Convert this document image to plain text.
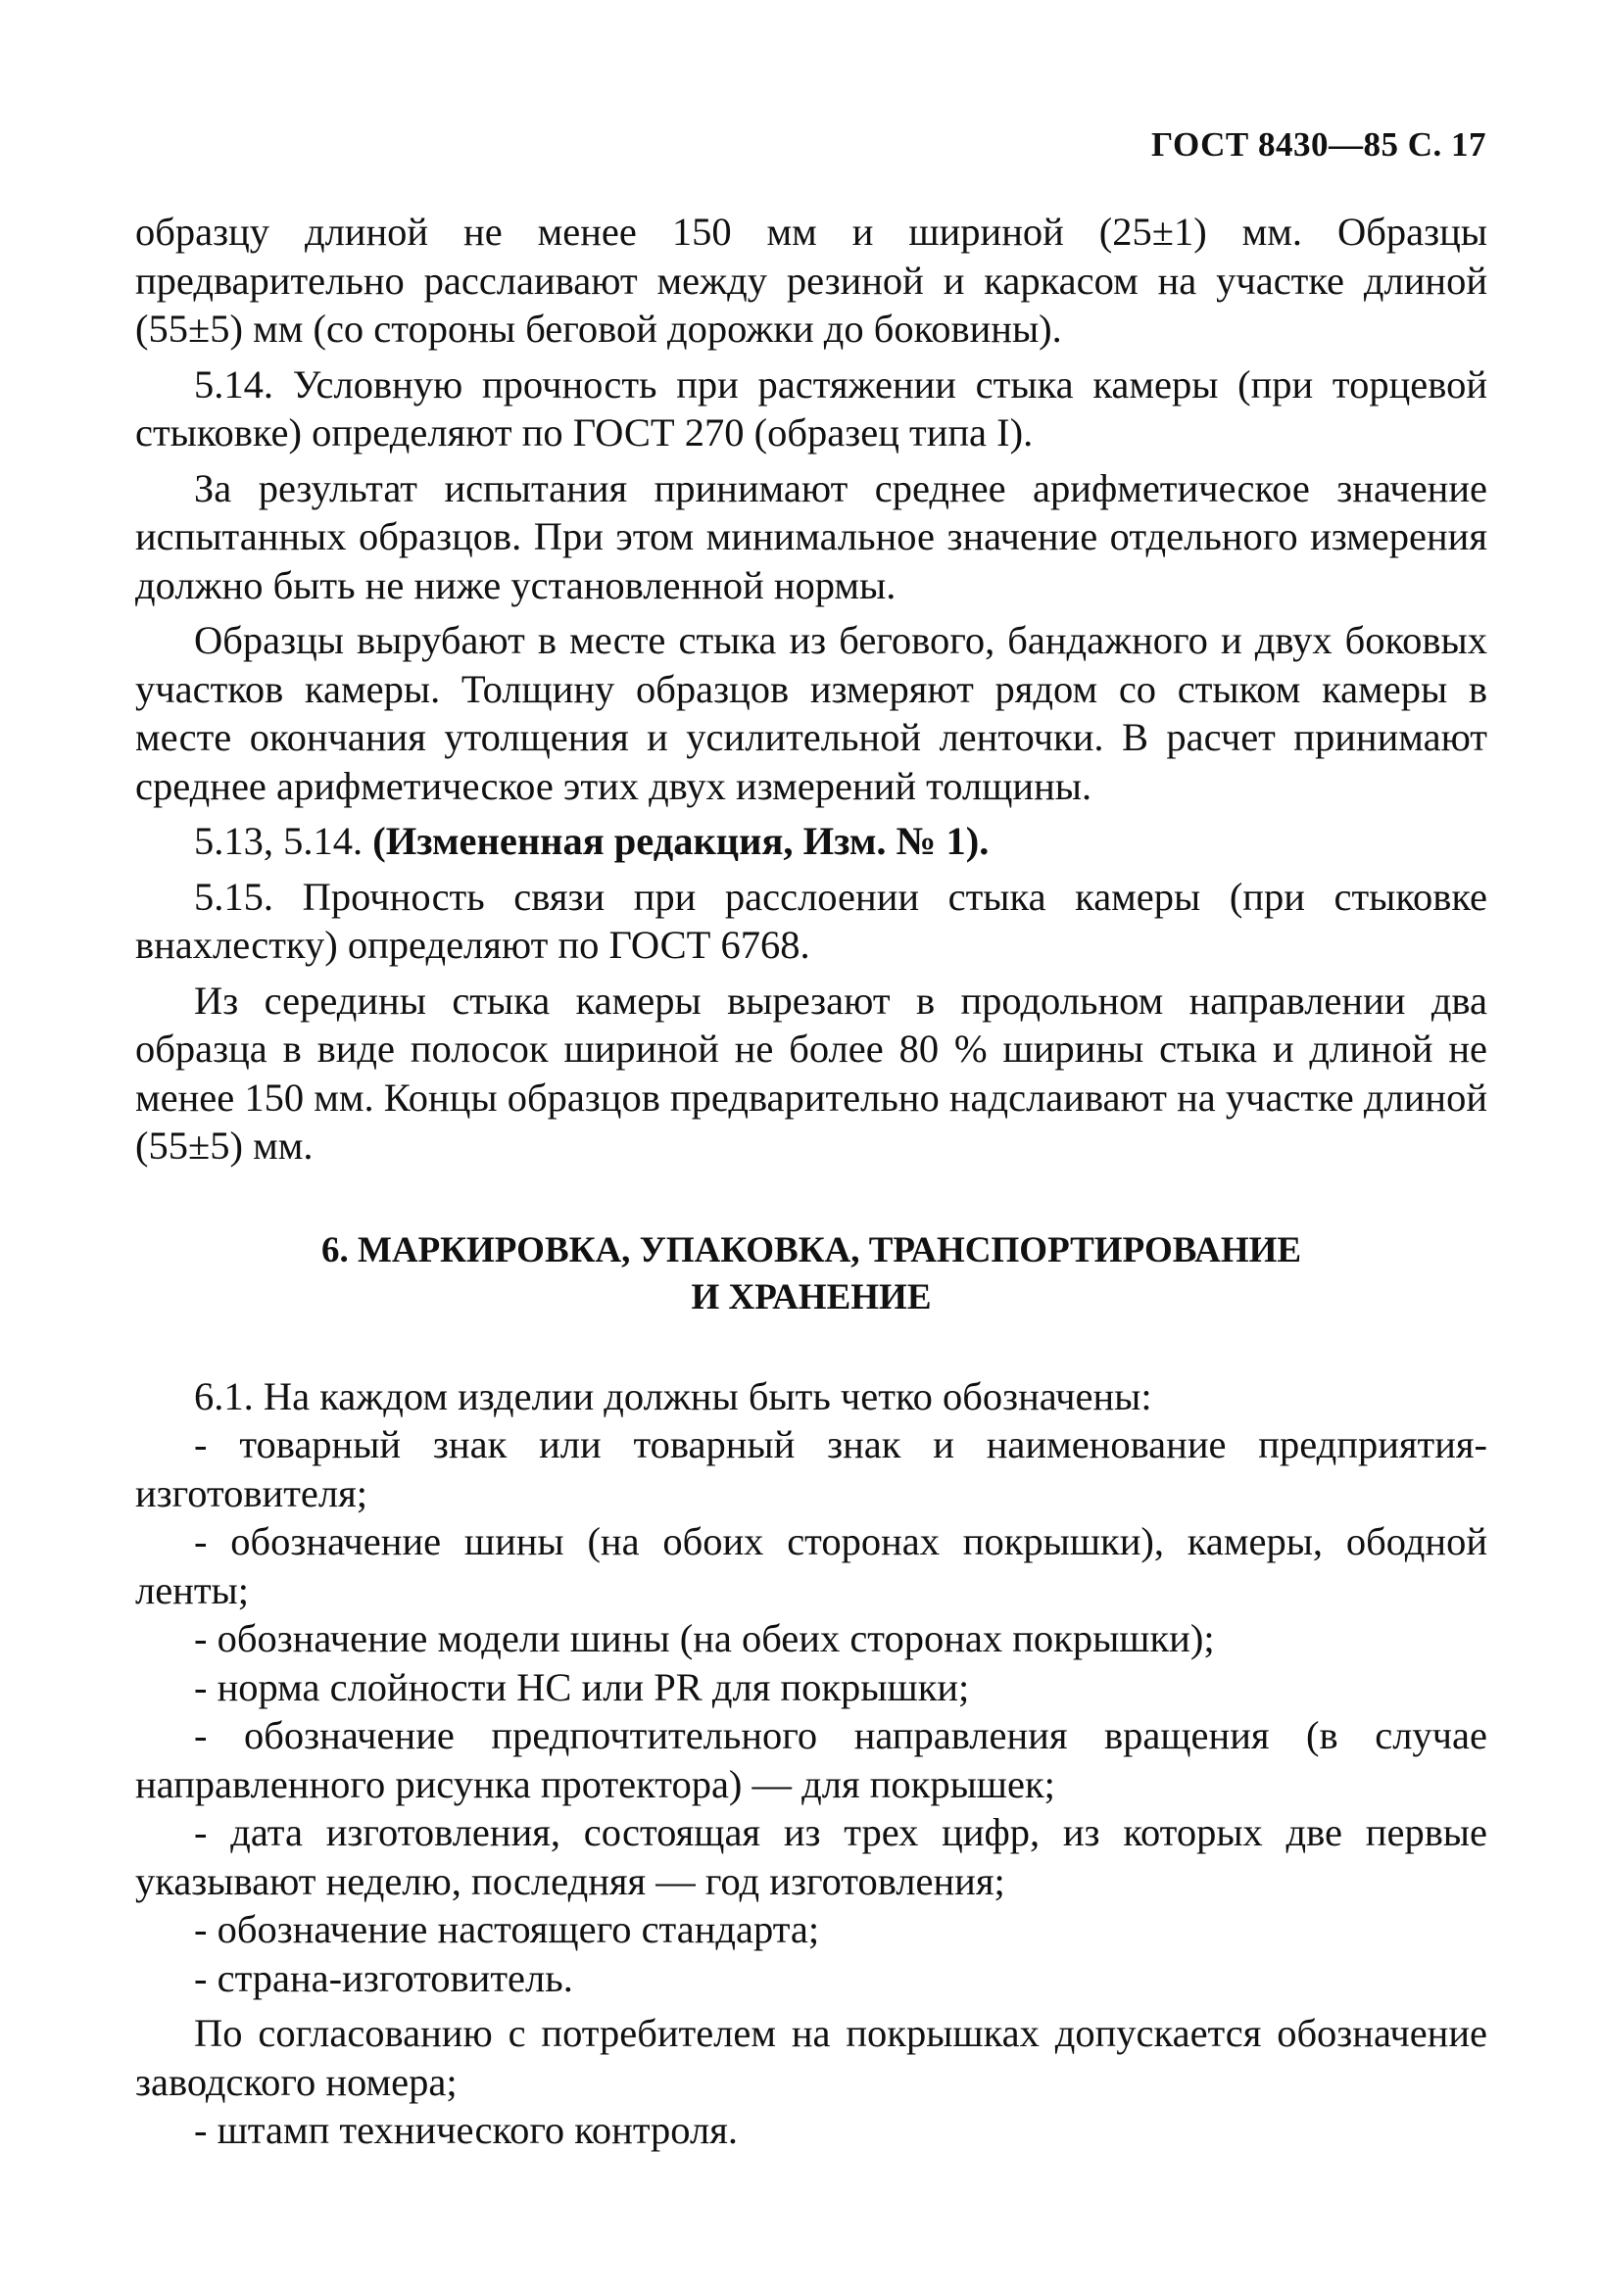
ГОСТ 8430—85 С. 17

образцу длиной не менее 150 мм и шириной (25±1) мм. Образцы предварительно расслаивают между резиной и каркасом на участке длиной (55±5) мм (со стороны беговой дорожки до боковины).

5.14. Условную прочность при растяжении стыка камеры (при торцевой стыковке) определяют по ГОСТ 270 (образец типа I).

За результат испытания принимают среднее арифметическое значение испытанных образцов. При этом минимальное значение отдельного измерения должно быть не ниже установленной нормы.

Образцы вырубают в месте стыка из бегового, бандажного и двух боковых участков камеры. Толщину образцов измеряют рядом со стыком камеры в месте окончания утолщения и усилительной ленточки. В расчет принимают среднее арифметическое этих двух измерений толщины.

5.13, 5.14. (Измененная редакция, Изм. № 1).

5.15. Прочность связи при расслоении стыка камеры (при стыковке внахлестку) определяют по ГОСТ 6768.

Из середины стыка камеры вырезают в продольном направлении два образца в виде полосок шириной не более 80 % ширины стыка и длиной не менее 150 мм. Концы образцов предварительно надслаивают на участке длиной (55±5) мм.

6. МАРКИРОВКА, УПАКОВКА, ТРАНСПОРТИРОВАНИЕ
И ХРАНЕНИЕ

6.1. На каждом изделии должны быть четко обозначены:

- товарный знак или товарный знак и наименование предприятия-изготовителя;

- обозначение шины (на обоих сторонах покрышки), камеры, ободной ленты;

- обозначение модели шины (на обеих сторонах покрышки);

- норма слойности НС или PR для покрышки;

- обозначение предпочтительного направления вращения (в случае направленного рисунка протектора) — для покрышек;

- дата изготовления, состоящая из трех цифр, из которых две первые указывают неделю, последняя — год изготовления;

- обозначение настоящего стандарта;

- страна-изготовитель.

По согласованию с потребителем на покрышках допускается обозначение заводского номера;

- штамп технического контроля.
